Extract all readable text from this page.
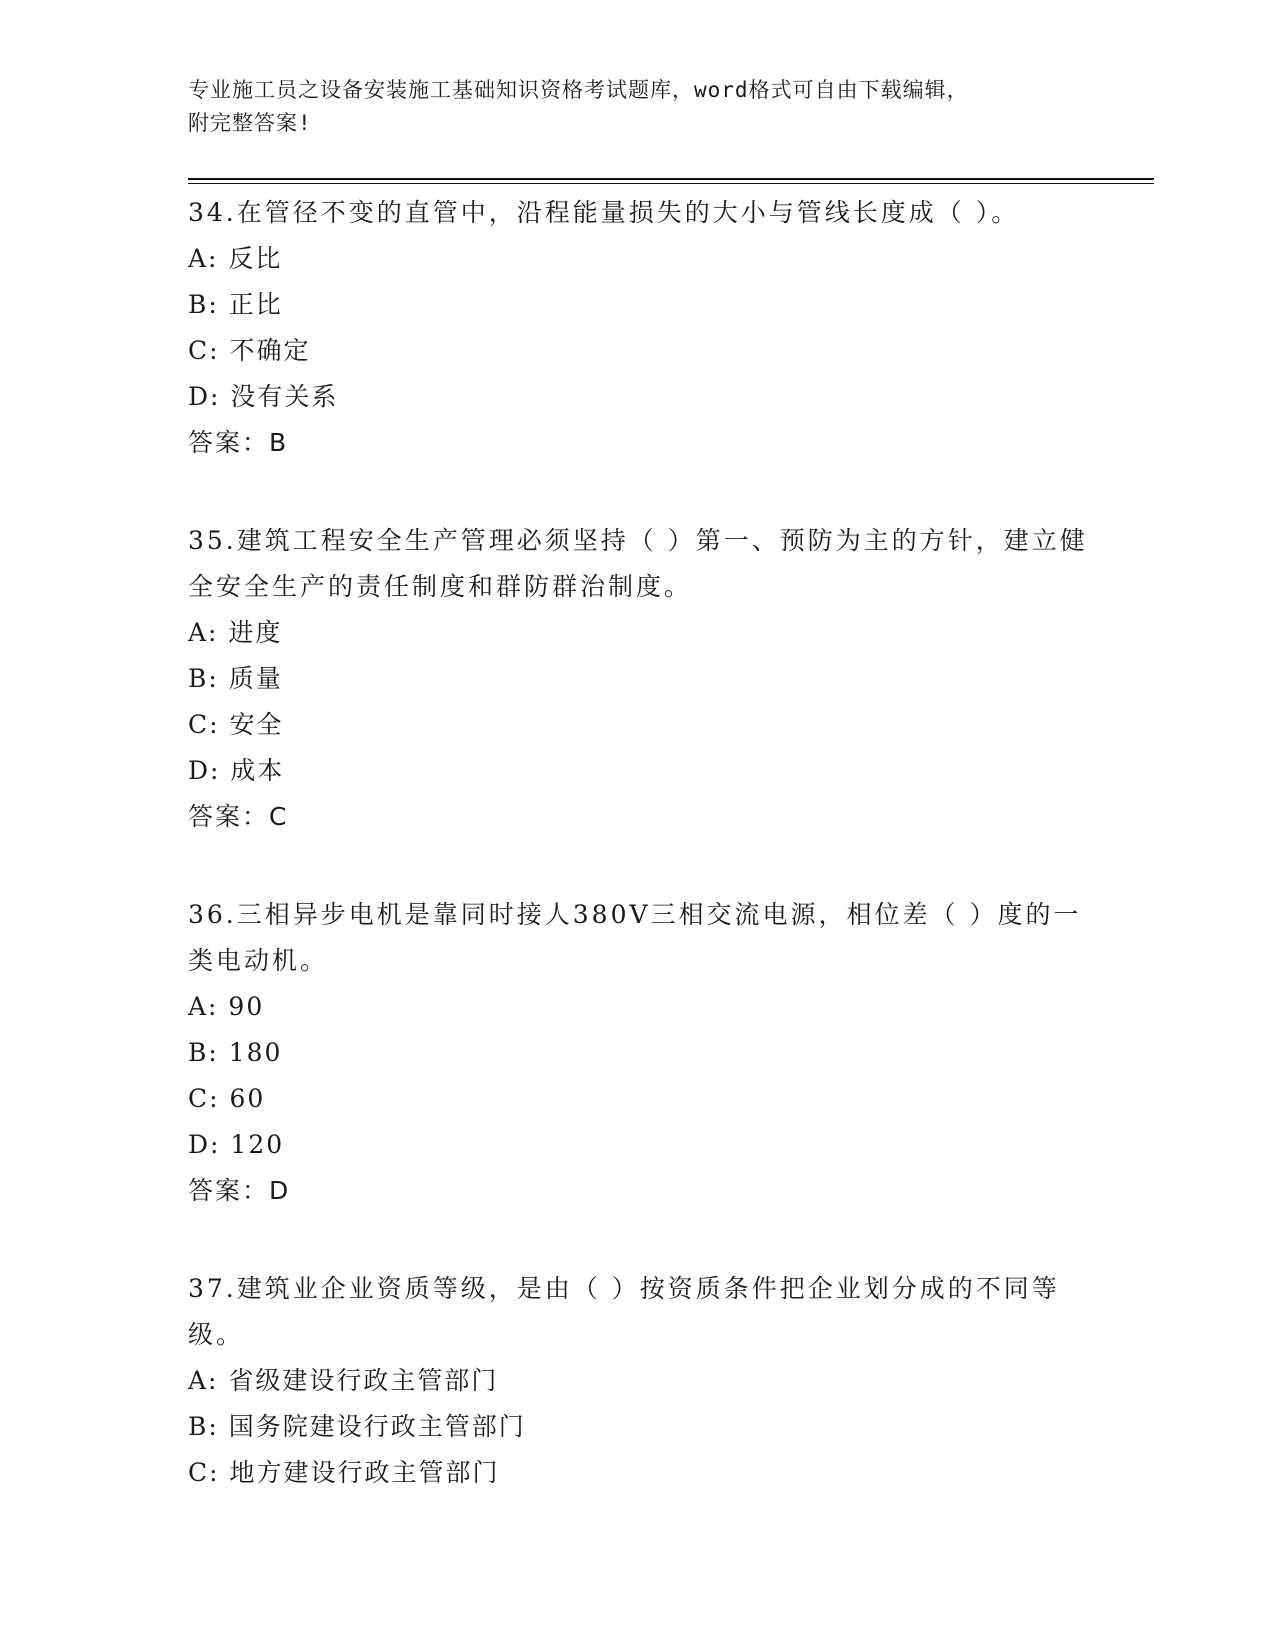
专业施工员之设备安装施工基础知识资格考试题库，word格式可自由下载编辑，
附完整答案!

34.在管径不变的直管中，沿程能量损失的大小与管线长度成（ ）。

A: 反比

B: 正比

C: 不确定

D: 没有关系

答案：B

35.建筑工程安全生产管理必须坚持（ ）第一、预防为主的方针，建立健全安全生产的责任制度和群防群治制度。

A: 进度

B: 质量

C: 安全

D: 成本

答案：C

36.三相异步电机是靠同时接人380V三相交流电源，相位差（ ）度的一类电动机。

A: 90

B: 180

C: 60

D: 120

答案：D

37.建筑业企业资质等级，是由（ ）按资质条件把企业划分成的不同等级。

A: 省级建设行政主管部门

B: 国务院建设行政主管部门

C: 地方建设行政主管部门
